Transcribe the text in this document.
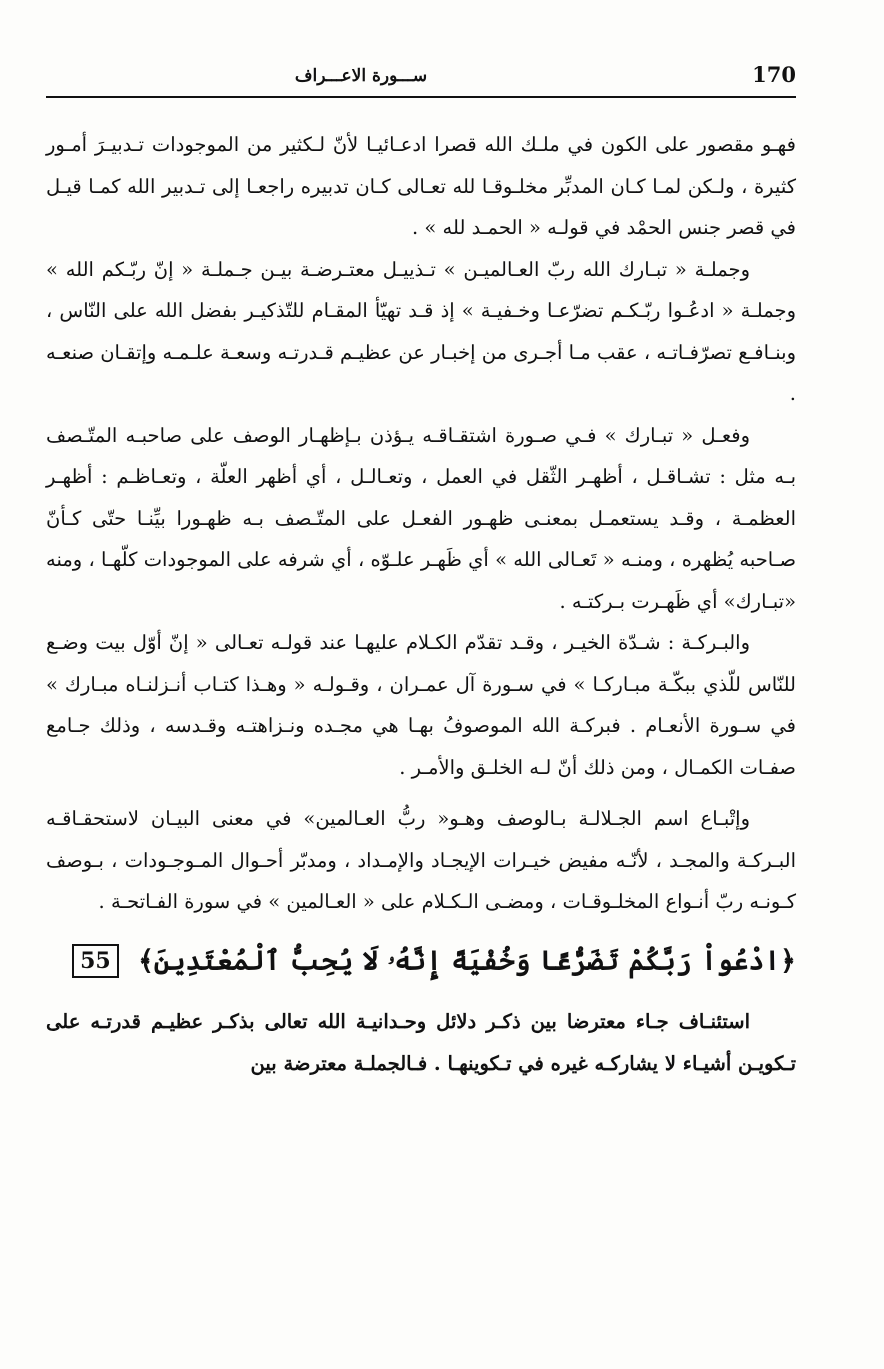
170
ســـورة الاعـــراف

فهـو مقصور على الكون في ملـك الله قصرا ادعـائيـا لأنّ لـكثير من الموجودات تـدبيـرَ أمـور كثيرة ، ولـكن لمـا كـان المدبِّر مخلـوقـا لله تعـالى كـان تدبيره راجعـا إلى تـدبير الله كمـا قيـل في قصر جنس الحمْد في قولـه « الحمـد لله » .

وجملـة « تبـارك الله ربّ العـالميـن » تـذييـل معتـرضـة بيـن جـملـة « إنّ ربّـكم الله » وجملـة « ادعُـوا ربّـكـم تضرّعـا وخـفيـة » إذ قـد تهيّأ المقـام للتّذكيـر بفضل الله على النّاس ، وبنـافـع تصرّفـاتـه ، عقب مـا أجـرى من إخبـار عن عظيـم قـدرتـه وسعـة علـمـه وإتقـان صنعـه .

وفعـل « تبـارك » فـي صـورة اشتقـاقـه يـؤذن بـإظهـار الوصف على صاحبـه المتّـصف بـه مثل : تشـاقـل ، أظهـر الثّقل في العمل ، وتعـالـل ، أي أظهر العلّة ، وتعـاظـم : أظهـر العظمـة ، وقـد يستعمـل بمعنـى ظهـور الفعـل على المتّـصف بـه ظهـورا بيِّنـا حتّى كـأنّ صـاحبه يُظهره ، ومنـه « تَعـالى الله » أي ظَهـر علـوّه ، أي شرفه على الموجودات كلّهـا ، ومنه «تبـارك» أي ظَهـرت بـركتـه .

والبـركـة : شـدّة الخيـر ، وقـد تقدّم الكـلام عليهـا عند قولـه تعـالى « إنّ أوّل بيت وضـع للنّاس للّذي ببكّـة مبـاركـا » في سـورة آل عمـران ، وقـولـه « وهـذا كتـاب أنـزلنـاه مبـارك » في سـورة الأنعـام . فبركـة الله الموصوفُ بهـا هي مجـده ونـزاهتـه وقـدسه ، وذلك جـامع صفـات الكمـال ، ومن ذلك أنّ لـه الخلـق والأمـر .

وإتْبـاع اسم الجـلالـة بـالوصف وهـو« ربُّ العـالمين» في معنى البيـان لاستحقـاقـه البـركـة والمجـد ، لأنّـه مفيض خيـرات الإيجـاد والإمـداد ، ومدبّر أحـوال المـوجـودات ، بـوصف كـونـه ربّ أنـواع المخلـوقـات ، ومضـى الـكـلام على « العـالمين » في سورة الفـاتحـة .

﴿ادْعُواْ رَبَّكُمْ تَضَرُّعًا وَخُفْيَةً إِنَّهُۥ لَا يُحِبُّ ٱلْمُعْتَدِينَ﴾ 55

استئنـاف جـاء معترضا بين ذكـر دلائل وحـدانيـة الله تعالى بذكـر عظيـم قدرتـه على تـكويـن أشيـاء لا يشاركـه غيره في تـكوينهـا . فـالجملـة معترضة بين
